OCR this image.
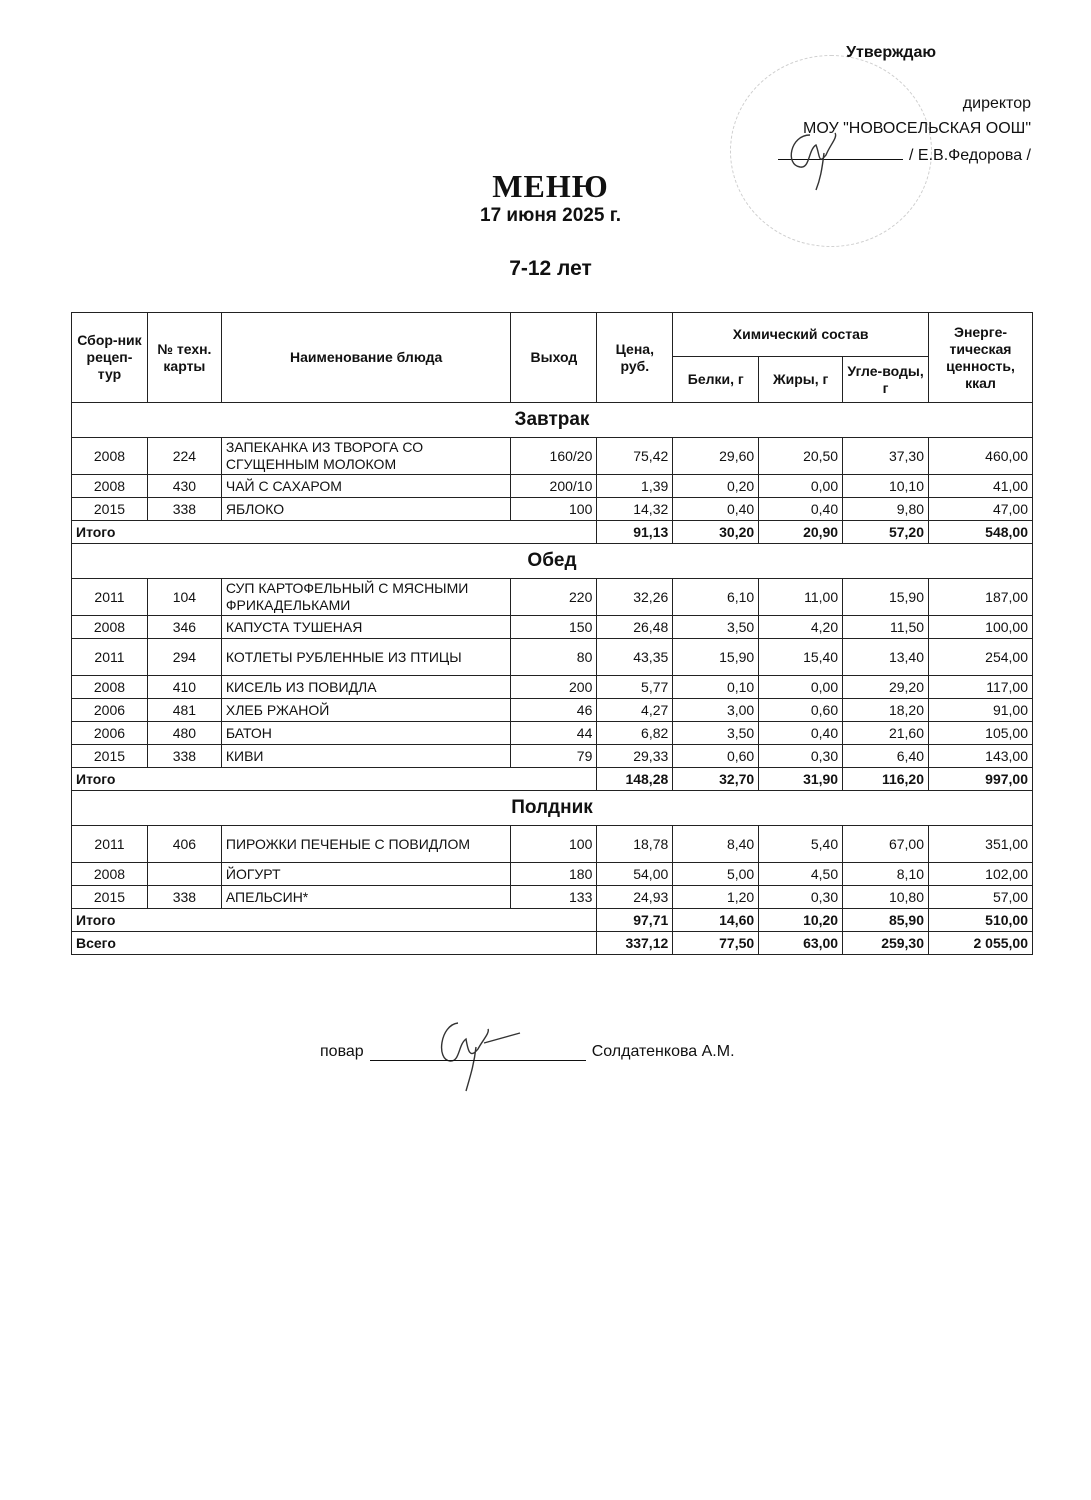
Утверждаю
директор
МОУ "НОВОСЕЛЬСКАЯ ООШ"
/ Е.В.Федорова /
МЕНЮ
17 июня 2025 г.
7-12 лет
Сбор-ник рецеп-тур	№ техн. карты	Наименование блюда	Выход	Цена, руб.	Химический состав			Энерге-тическая ценность, ккал
					Белки, г	Жиры, г	Угле-воды, г	
Завтрак								
2008	224	ЗАПЕКАНКА ИЗ ТВОРОГА СО СГУЩЕННЫМ МОЛОКОМ	160/20	75,42	29,60	20,50	37,30	460,00
2008	430	ЧАЙ С САХАРОМ	200/10	1,39	0,20	0,00	10,10	41,00
2015	338	ЯБЛОКО	100	14,32	0,40	0,40	9,80	47,00
Итого				91,13	30,20	20,90	57,20	548,00
Обед								
2011	104	СУП КАРТОФЕЛЬНЫЙ С МЯСНЫМИ ФРИКАДЕЛЬКАМИ	220	32,26	6,10	11,00	15,90	187,00
2008	346	КАПУСТА ТУШЕНАЯ	150	26,48	3,50	4,20	11,50	100,00
2011	294	КОТЛЕТЫ РУБЛЕННЫЕ ИЗ ПТИЦЫ	80	43,35	15,90	15,40	13,40	254,00
2008	410	КИСЕЛЬ ИЗ ПОВИДЛА	200	5,77	0,10	0,00	29,20	117,00
2006	481	ХЛЕБ РЖАНОЙ	46	4,27	3,00	0,60	18,20	91,00
2006	480	БАТОН	44	6,82	3,50	0,40	21,60	105,00
2015	338	КИВИ	79	29,33	0,60	0,30	6,40	143,00
Итого				148,28	32,70	31,90	116,20	997,00
Полдник								
2011	406	ПИРОЖКИ ПЕЧЕНЫЕ С ПОВИДЛОМ	100	18,78	8,40	5,40	67,00	351,00
2008		ЙОГУРТ	180	54,00	5,00	4,50	8,10	102,00
2015	338	АПЕЛЬСИН*	133	24,93	1,20	0,30	10,80	57,00
Итого				97,71	14,60	10,20	85,90	510,00
Всего				337,12	77,50	63,00	259,30	2 055,00
повар	Солдатенкова А.М.
